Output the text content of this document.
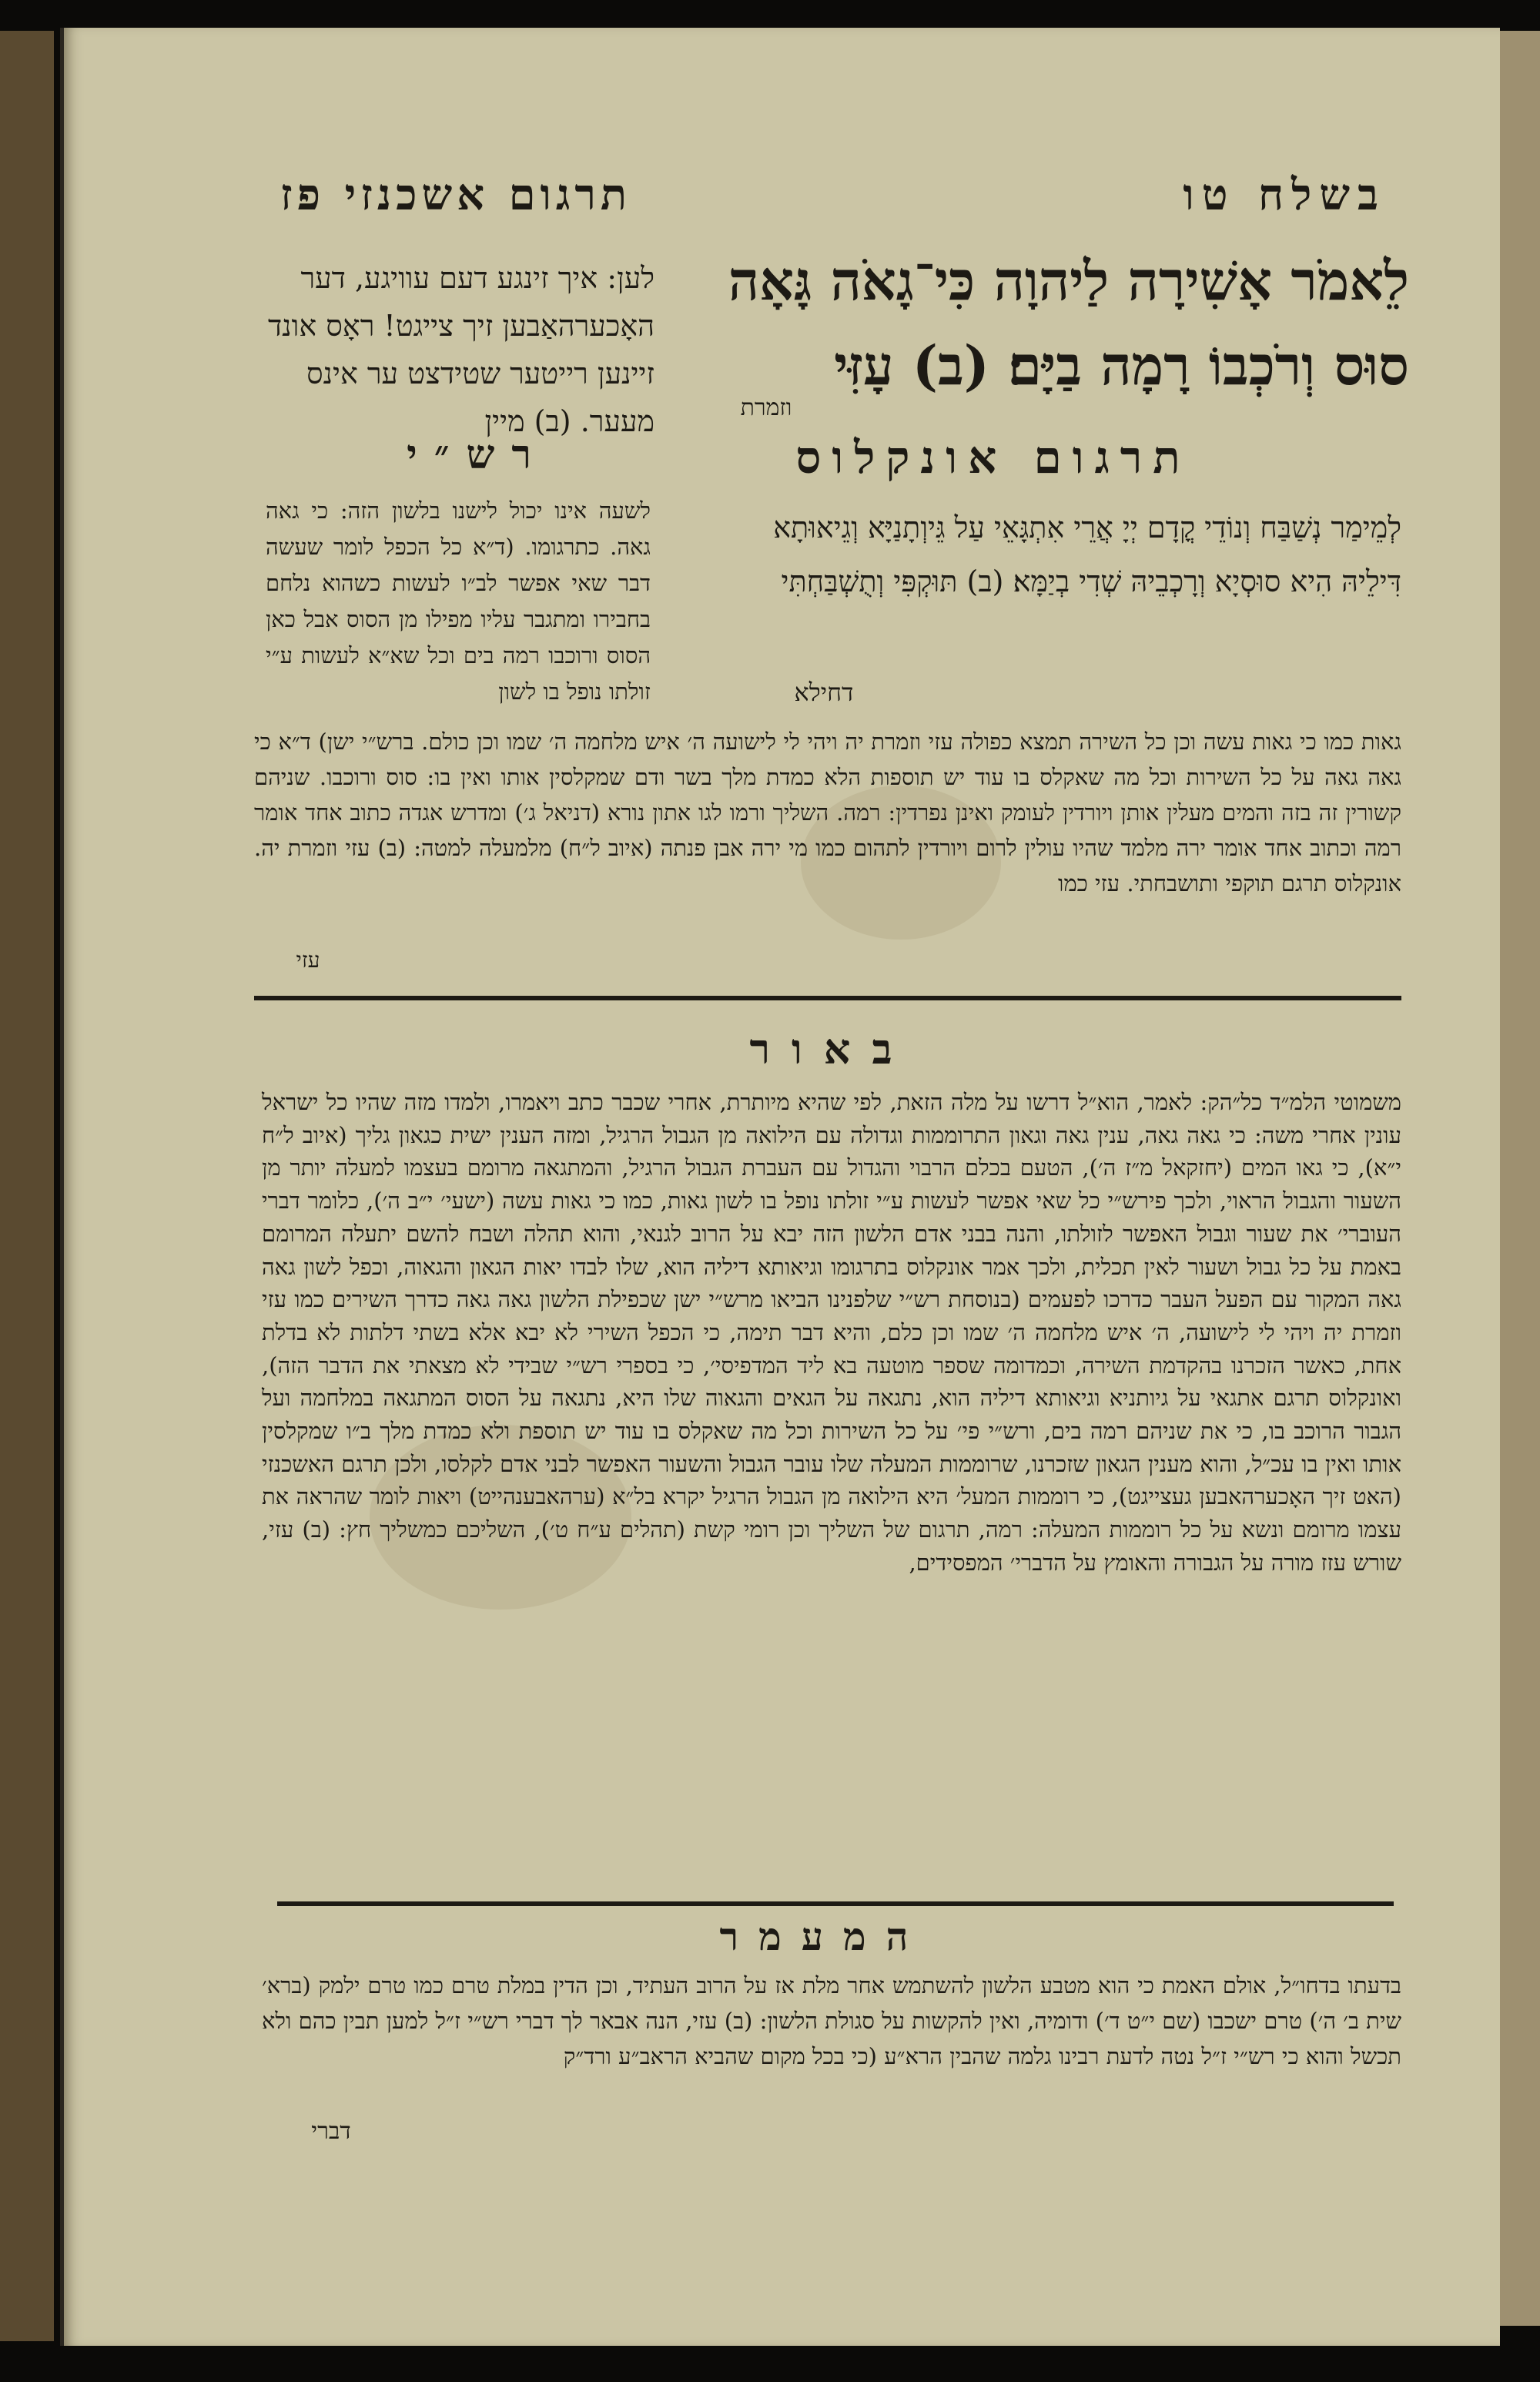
בשלח טו
תרגום אשכנזי פז
לֵאמֹר אָשִׁירָה לַיהוָה כִּי־גָאֹה גָּאָה סוּס וְרֹכְבוֹ רָמָה בַיָּם׃ (ב) עָזִּי
וזמרת
תרגום אונקלוס
לְמֵימַר נְשַׁבַּח וְנוֹדֵי קֳדָם יְיָ אֲרֵי אִתְגָּאֵי עַל גֵּיוְתָנַיָּא וְגֵיאוּתָא דִּילֵיהּ הִיא סוּסְיָא וְרָכְבֵיהּ שְׁדִי בְיַמָּא׃ (ב) תּוּקְפִּי וְתֻשְׁבַּחְתִּי
דחילא
לען: איך זינגע דעם עוויגע, דער האָכערהאַבען זיך צייגט! ראָס אונד זיינען רייטער שטידצט ער אינס מעער. (ב) מיין
רש״י
לשעה אינו יכול לישנו בלשון הזה: כי גאה גאה. כתרגומו. (ד״א כל הכפל לומר שעשה דבר שאי אפשר לב״ו לעשות כשהוא נלחם בחבירו ומתגבר עליו מפילו מן הסוס אבל כאן הסוס ורוכבו רמה בים וכל שא״א לעשות ע״י זולתו נופל בו לשון
גאות כמו כי גאות עשה וכן כל השירה תמצא כפולה עזי וזמרת יה ויהי לי לישועה ה׳ איש מלחמה ה׳ שמו וכן כולם. ברש״י ישן) ד״א כי גאה גאה על כל השירות וכל מה שאקלס בו עוד יש תוספות הלא כמדת מלך בשר ודם שמקלסין אותו ואין בו: סוס ורוכבו. שניהם קשורין זה בזה והמים מעלין אותן ויורדין לעומק ואינן נפרדין: רמה. השליך ורמו לגו אתון נורא (דניאל ג׳) ומדרש אגדה כתוב אחד אומר רמה וכתוב אחד אומר ירה מלמד שהיו עולין לרום ויורדין לתהום כמו מי ירה אבן פנתה (איוב ל״ח) מלמעלה למטה: (ב) עזי וזמרת יה. אונקלוס תרגם תוקפי ותושבחתי. עזי כמו
עזי
באור
משמוטי הלמ״ד כל״הק: לאמר, הוא״ל דרשו על מלה הזאת, לפי שהיא מיותרת, אחרי שכבר כתב ויאמרו, ולמדו מזה שהיו כל ישראל עונין אחרי משה: כי גאה גאה, ענין גאה וגאון התרוממות וגדולה עם הילואה מן הגבול הרגיל, ומזה הענין ישית כגאון גליך (איוב ל״ח י״א), כי גאו המים (יחזקאל מ״ז ה׳), הטעם בכלם הרבוי והגדול עם העברת הגבול הרגיל, והמתגאה מרומם בעצמו למעלה יותר מן השעור והגבול הראוי, ולכך פירש״י כל שאי אפשר לעשות ע״י זולתו נופל בו לשון גאות, כמו כי גאות עשה (ישעי׳ י״ב ה׳), כלומר דברי העוברי׳ את שעור וגבול האפשר לזולתו, והנה בבני אדם הלשון הזה יבא על הרוב לגנאי, והוא תהלה ושבח להשם יתעלה המרומם באמת על כל גבול ושעור לאין תכלית, ולכך אמר אונקלוס בתרגומו וגיאותא דיליה הוא, שלו לבדו יאות הגאון והגאוה, וכפל לשון גאה גאה המקור עם הפעל העבר כדרכו לפעמים (בנוסחת רש״י שלפנינו הביאו מרש״י ישן שכפילת הלשון גאה גאה כדרך השירים כמו עזי וזמרת יה ויהי לי לישועה, ה׳ איש מלחמה ה׳ שמו וכן כלם, והיא דבר תימה, כי הכפל השירי לא יבא אלא בשתי דלתות לא בדלת אחת, כאשר הזכרנו בהקדמת השירה, וכמדומה שספר מוטעה בא ליד המדפיסי׳, כי בספרי רש״י שבידי לא מצאתי את הדבר הזה), ואונקלוס תרגם אתגאי על גיותניא וגיאותא דיליה הוא, נתגאה על הגאים והגאוה שלו היא, נתגאה על הסוס המתגאה במלחמה ועל הגבור הרוכב בו, כי את שניהם רמה בים, ורש״י פי׳ על כל השירות וכל מה שאקלס בו עוד יש תוספת ולא כמדת מלך ב״ו שמקלסין אותו ואין בו עכ״ל, והוא מענין הגאון שזכרנו, שרוממות המעלה שלו עובר הגבול והשעור האפשר לבני אדם לקלסו, ולכן תרגם האשכנזי (האט זיך האָכערהאבען געצייגט), כי רוממות המעל׳ היא הילואה מן הגבול הרגיל יקרא בל״א (ערהאבענהייט) ויאות לומר שהראה את עצמו מרומם ונשא על כל רוממות המעלה: רמה, תרגום של השליך וכן רומי קשת (תהלים ע״ח ט׳), השליכם כמשליך חץ: (ב) עזי, שורש עזז מורה על הגבורה והאומץ על הדברי׳ המפסידים,
המעמר
בדעתו בדחו״ל, אולם האמת כי הוא מטבע הלשון להשתמש אחר מלת אז על הרוב העתיד, וכן הדין במלת טרם כמו טרם ילמק (ברא׳ שית ב׳ ה׳) טרם ישכבו (שם י״ט ד׳) ודומיה, ואין להקשות על סגולת הלשון: (ב) עזי, הנה אבאר לך דברי רש״י ז״ל למען תבין כהם ולא תכשל והוא כי רש״י ז״ל נטה לדעת רבינו גלמה שהבין הרא״ע (כי בכל מקום שהביא הראב״ע ורד״ק
דברי
